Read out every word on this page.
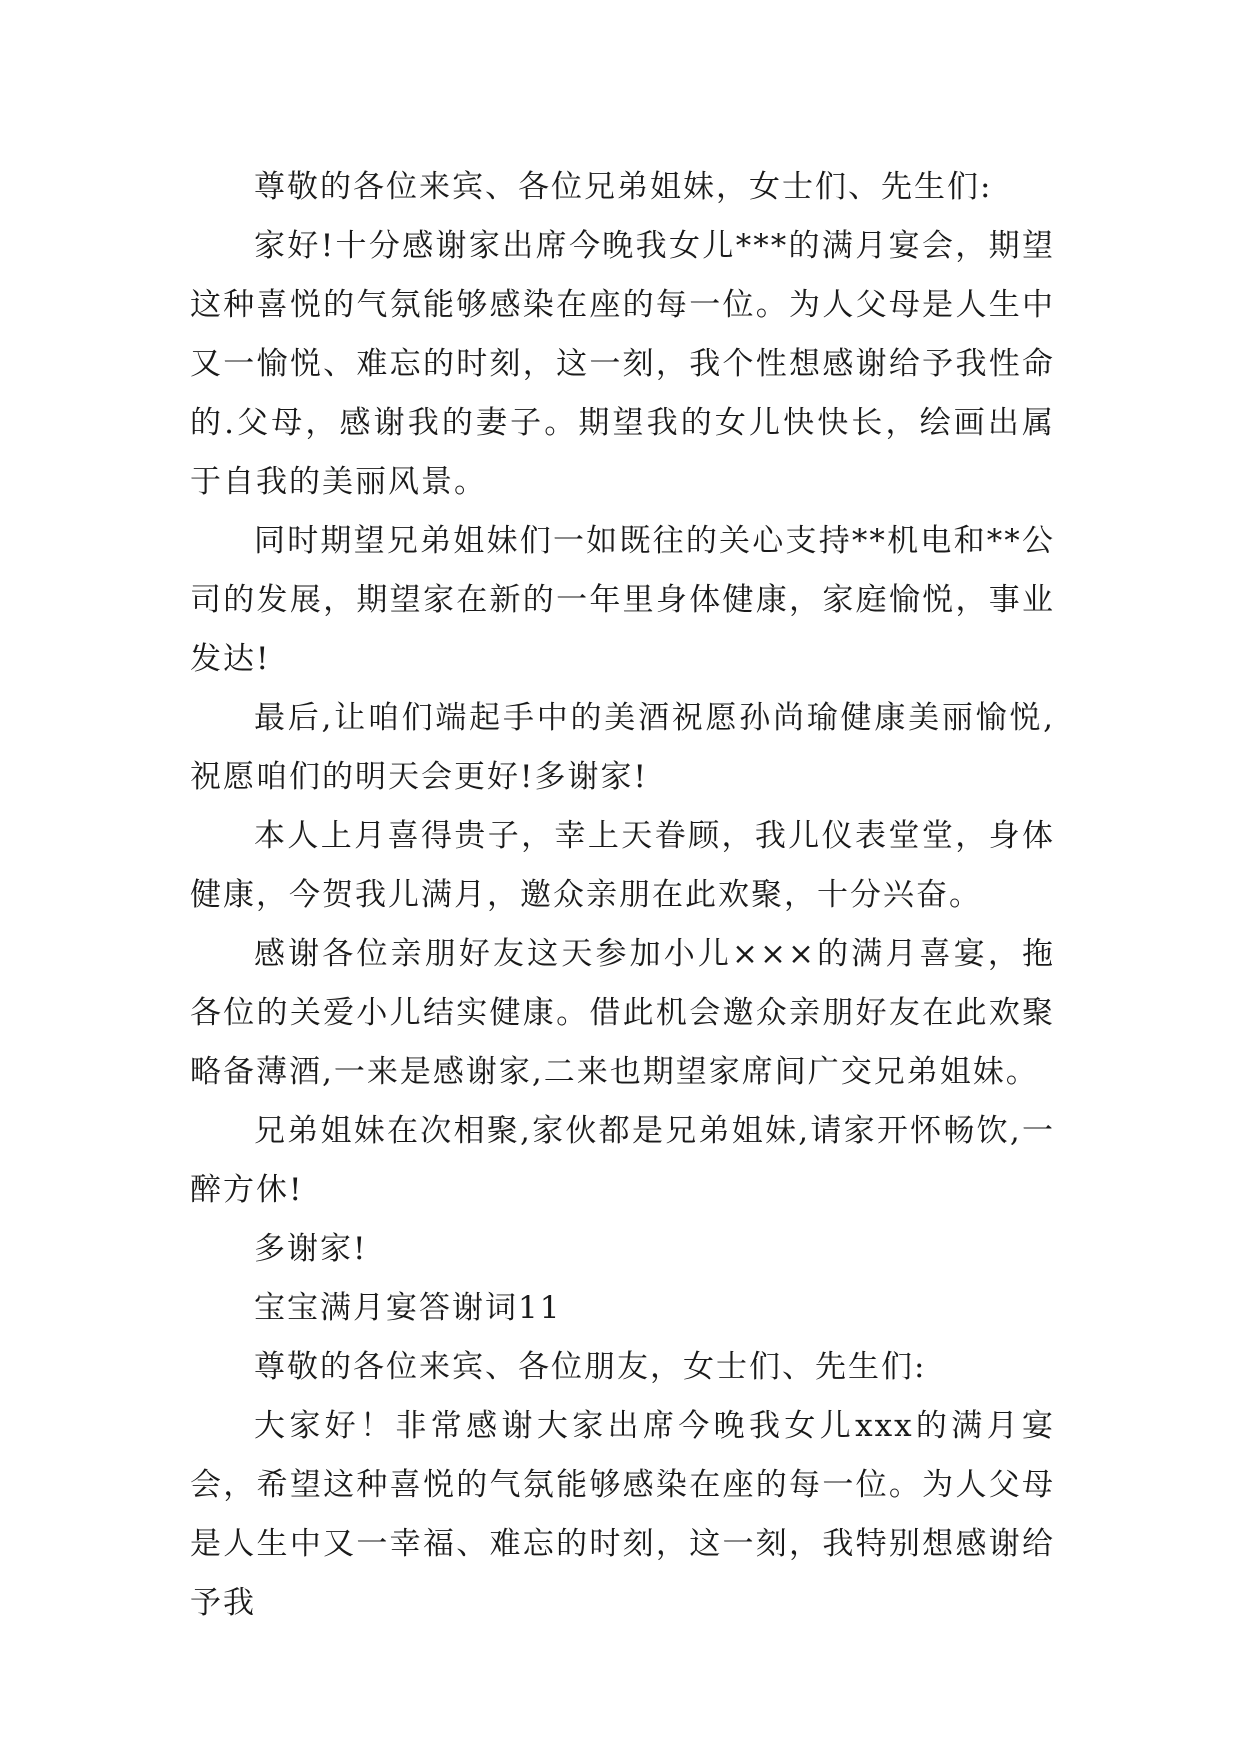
尊敬的各位来宾、各位兄弟姐妹，女士们、先生们:

家好!十分感谢家出席今晚我女儿***的满月宴会，期望这种喜悦的气氛能够感染在座的每一位。为人父母是人生中又一愉悦、难忘的时刻，这一刻，我个性想感谢给予我性命的.父母，感谢我的妻子。期望我的女儿快快长，绘画出属于自我的美丽风景。

同时期望兄弟姐妹们一如既往的关心支持**机电和**公司的发展，期望家在新的一年里身体健康，家庭愉悦，事业发达!

最后,让咱们端起手中的美酒祝愿孙尚瑜健康美丽愉悦,祝愿咱们的明天会更好!多谢家!

本人上月喜得贵子，幸上天眷顾，我儿仪表堂堂，身体健康，今贺我儿满月，邀众亲朋在此欢聚，十分兴奋。

感谢各位亲朋好友这天参加小儿×××的满月喜宴，拖各位的关爱小儿结实健康。借此机会邀众亲朋好友在此欢聚略备薄酒,一来是感谢家,二来也期望家席间广交兄弟姐妹。

兄弟姐妹在次相聚,家伙都是兄弟姐妹,请家开怀畅饮,一醉方休!

多谢家!

宝宝满月宴答谢词11

尊敬的各位来宾、各位朋友，女士们、先生们:

大家好！非常感谢大家出席今晚我女儿xxx的满月宴会，希望这种喜悦的气氛能够感染在座的每一位。为人父母是人生中又一幸福、难忘的时刻，这一刻，我特别想感谢给予我
